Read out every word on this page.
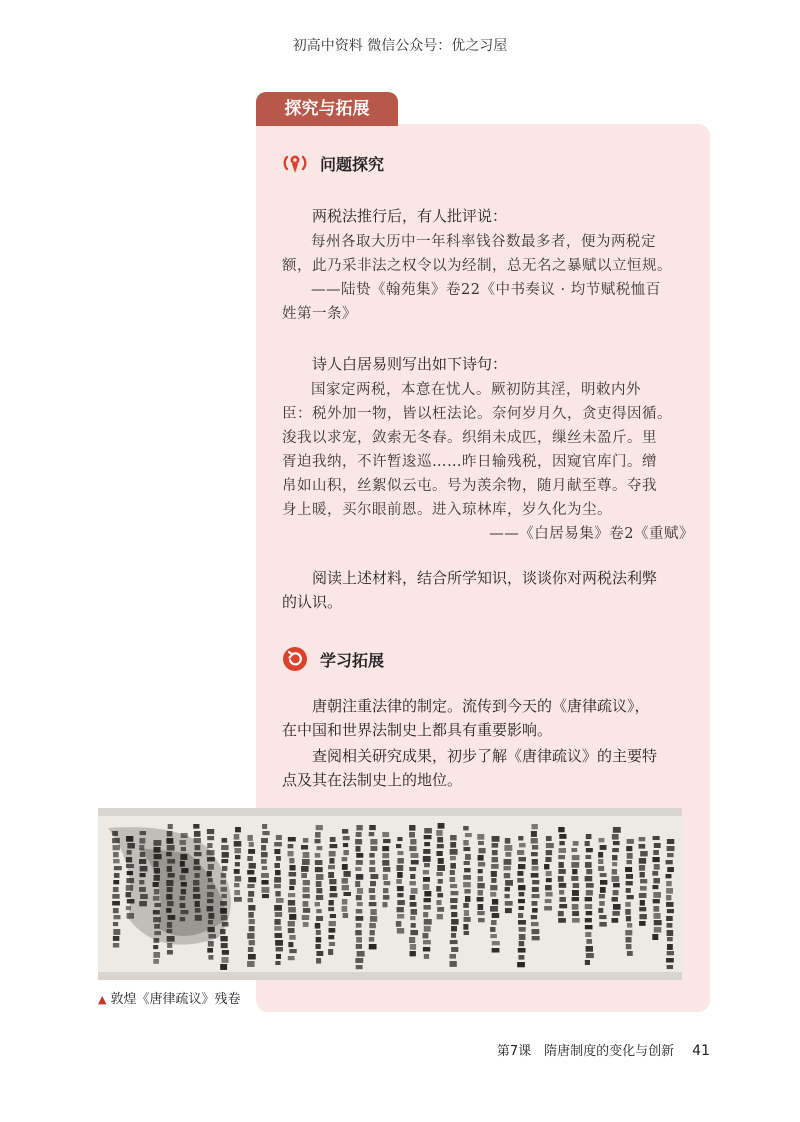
初高中资料 微信公众号：优之习屋
探究与拓展
问题探究
两税法推行后，有人批评说：
每州各取大历中一年科率钱谷数最多者，便为两税定
额，此乃采非法之权令以为经制，总无名之暴赋以立恒规。
——陆贽《翰苑集》卷22《中书奏议 · 均节赋税恤百
姓第一条》
诗人白居易则写出如下诗句：
国家定两税，本意在忧人。厥初防其淫，明敕内外
臣：税外加一物，皆以枉法论。奈何岁月久，贪吏得因循。
浚我以求宠，敛索无冬春。织绢未成匹，缫丝未盈斤。里
胥迫我纳，不许暂逡巡……昨日输残税，因窥官库门。缯
帛如山积，丝絮似云屯。号为羡余物，随月献至尊。夺我
身上暖，买尔眼前恩。进入琼林库，岁久化为尘。
——《白居易集》卷2《重赋》
阅读上述材料，结合所学知识，谈谈你对两税法利弊
的认识。
学习拓展
唐朝注重法律的制定。流传到今天的《唐律疏议》，
在中国和世界法制史上都具有重要影响。
查阅相关研究成果，初步了解《唐律疏议》的主要特
点及其在法制史上的地位。
▲ 敦煌《唐律疏议》残卷
第7课　隋唐制度的变化与创新 41
